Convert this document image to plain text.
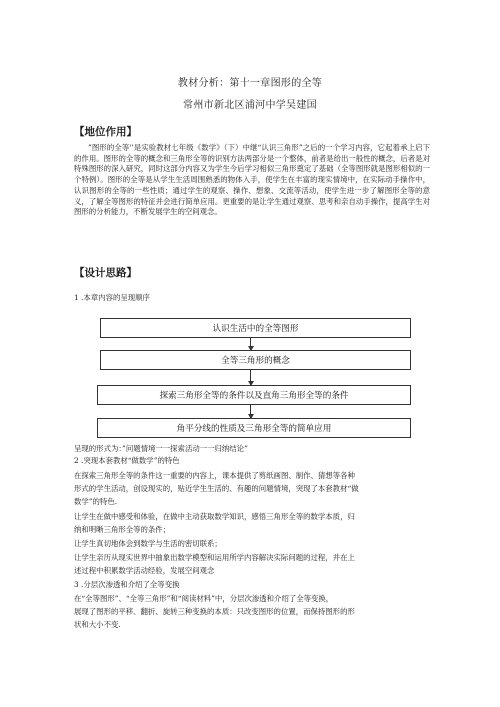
教材分析：第十一章图形的全等
常州市新北区浦河中学吴建国
【地位作用】

”图形的全等'’是实验教材七年级《数学》（下）中继“认识三角形”之后的一个学习内容，它起着承上启下的作用。图形的全等的概念和三角形全等的识别方法两部分是一个整体，前者是给出一般性的概念，后者是对特殊图形的深入研究，同时这部分内容又为学生今后学习相似三角形奠定了基础（全等图形就是图形相似的一个特例）。图形的全等是从学生生活周围熟悉的物体入手，使学生在丰富的现实情境中，在实际动手操作中，认识图形的全等的一些性质；通过学生的观察、操作、想象、交流等活动，使学生进一步了解图形全等的意义，了解全等图形的特征并会进行简单应用。更重要的是让学生通过观察、思考和亲自动手操作，提高学生对图形的分析能力，不断发展学生的空间观念。

【设计思路】
1 .本章内容的呈现顺序
认识生活中的全等图形
全等三角形的概念
探索三角形全等的条件以及直角三角形全等的条件
角平分线的性质及三角形全等的简单应用
呈现的形式为：”问题情境一一探索活动一一归纳结论”
2 .突现本套教材“做数学”的特色
在探索三角形全等的条件这一重要的内容上，课本提供了剪纸画图、制作、猜想等各种
形式的学生活动，创设现实的，贴近学生生活的、有趣的问题情境，突现了本套教材“做
数学”的特色.
让学生在做中感受和体验，在做中主动获取数学知识，感悟三角形全等的数学本质，归
纳和明晰三角形全等的条件；
让学生真切地体会到数学与生活的密切联系；
让学生亲历从现实世界中抽象出数学模型和运用所学内容解决实际问题的过程，并在上
述过程中积累数学活动经验，发展空间观念
3 .分层次渗透和介绍了全等变换
在“全等图形”、“全等三角形”和“阅读材料”中，分层次渗透和介绍了全等变换，
展现了图形的平移、翻折、旋转三种变换的本质：只改变图形的位置，而保持图形的形
状和大小不变.
